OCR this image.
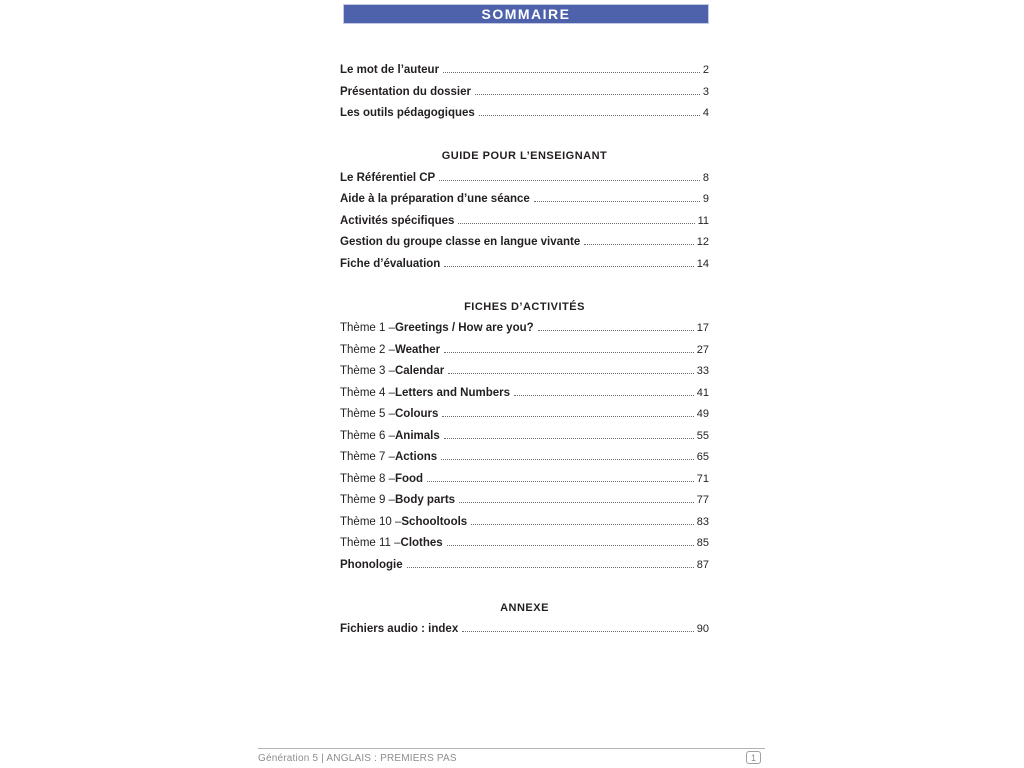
SOMMAIRE
Le mot de l’auteur	2
Présentation du dossier	3
Les outils pédagogiques	4
GUIDE POUR L’ENSEIGNANT
Le Référentiel CP	8
Aide à la préparation d’une séance	9
Activités spécifiques	11
Gestion du groupe classe en langue vivante	12
Fiche d’évaluation	14
FICHES D’ACTIVITÉS
Thème 1 – Greetings / How are you?	17
Thème 2 – Weather	27
Thème 3 – Calendar	33
Thème 4 – Letters and Numbers	41
Thème 5 – Colours	49
Thème 6 – Animals	55
Thème 7 – Actions	65
Thème 8 – Food	71
Thème 9 – Body parts	77
Thème 10 – Schooltools	83
Thème 11 – Clothes	85
Phonologie	87
ANNEXE
Fichiers audio : index	90
Génération 5 | ANGLAIS : PREMIERS PAS	1
